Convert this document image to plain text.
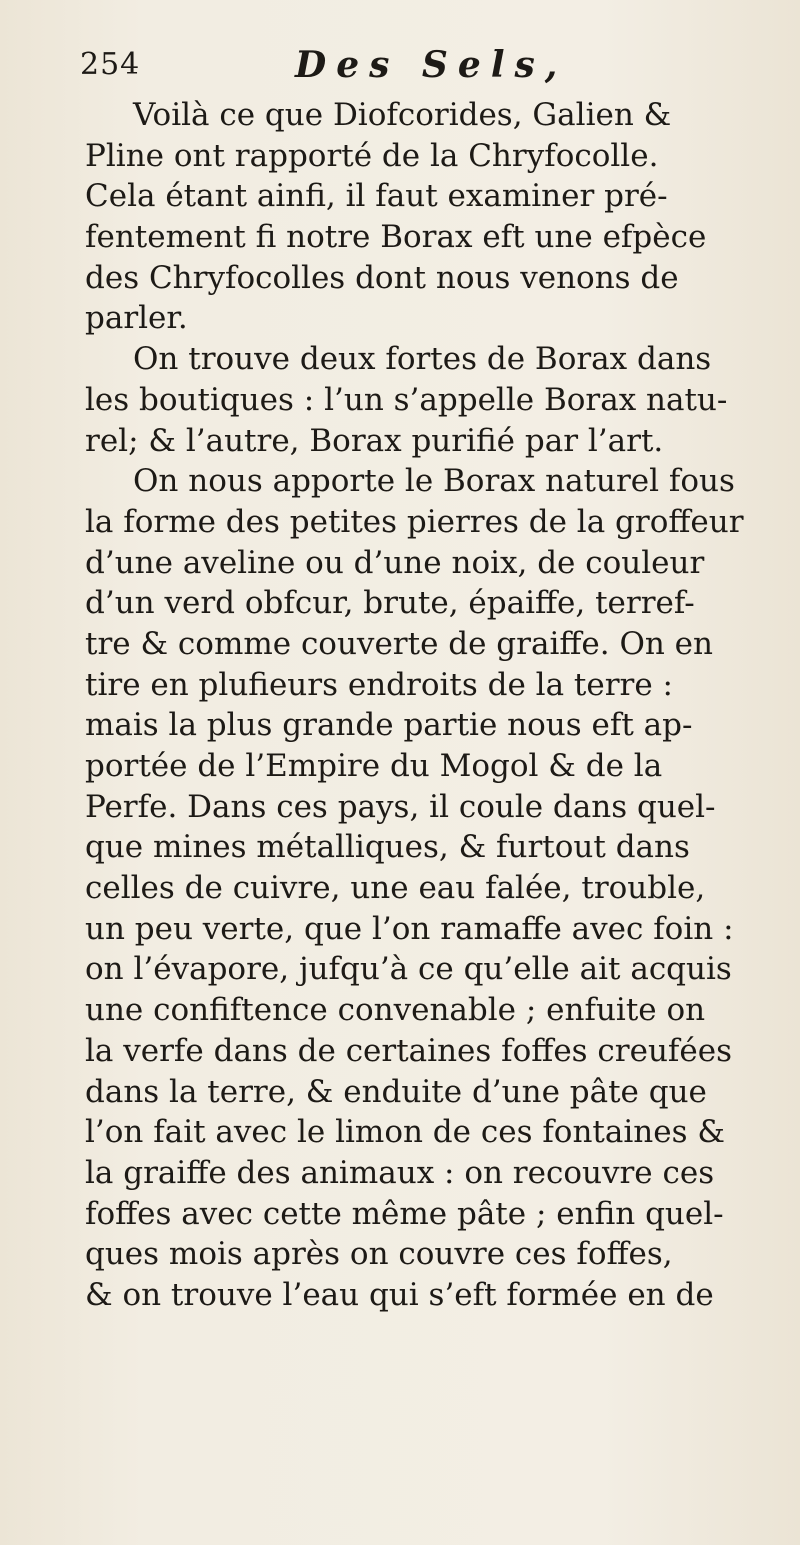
254	Des Sels,
Voilà ce que Diofcorides, Galien &
Pline ont rapporté de la Chryfocolle.
Cela étant ainfi, il faut examiner pré-
fentement fi notre Borax eft une efpèce
des Chryfocolles dont nous venons de
parler.
On trouve deux fortes de Borax dans
les boutiques : l’un s’appelle Borax natu-
rel; & l’autre, Borax purifié par l’art.
On nous apporte le Borax naturel fous
la forme des petites pierres de la groffeur
d’une aveline ou d’une noix, de couleur
d’un verd obfcur, brute, épaiffe, terref-
tre & comme couverte de graiffe. On en
tire en plufieurs endroits de la terre :
mais la plus grande partie nous eft ap-
portée de l’Empire du Mogol & de la
Perfe. Dans ces pays, il coule dans quel-
que mines métalliques, & furtout dans
celles de cuivre, une eau falée, trouble,
un peu verte, que l’on ramaffe avec foin :
on l’évapore, jufqu’à ce qu’elle ait acquis
une confiftence convenable ; enfuite on
la verfe dans de certaines foffes creufées
dans la terre, & enduite d’une pâte que
l’on fait avec le limon de ces fontaines &
la graiffe des animaux : on recouvre ces
foffes avec cette même pâte ; enfin quel-
ques mois après on couvre ces foffes,
& on trouve l’eau qui s’eft formée en de
